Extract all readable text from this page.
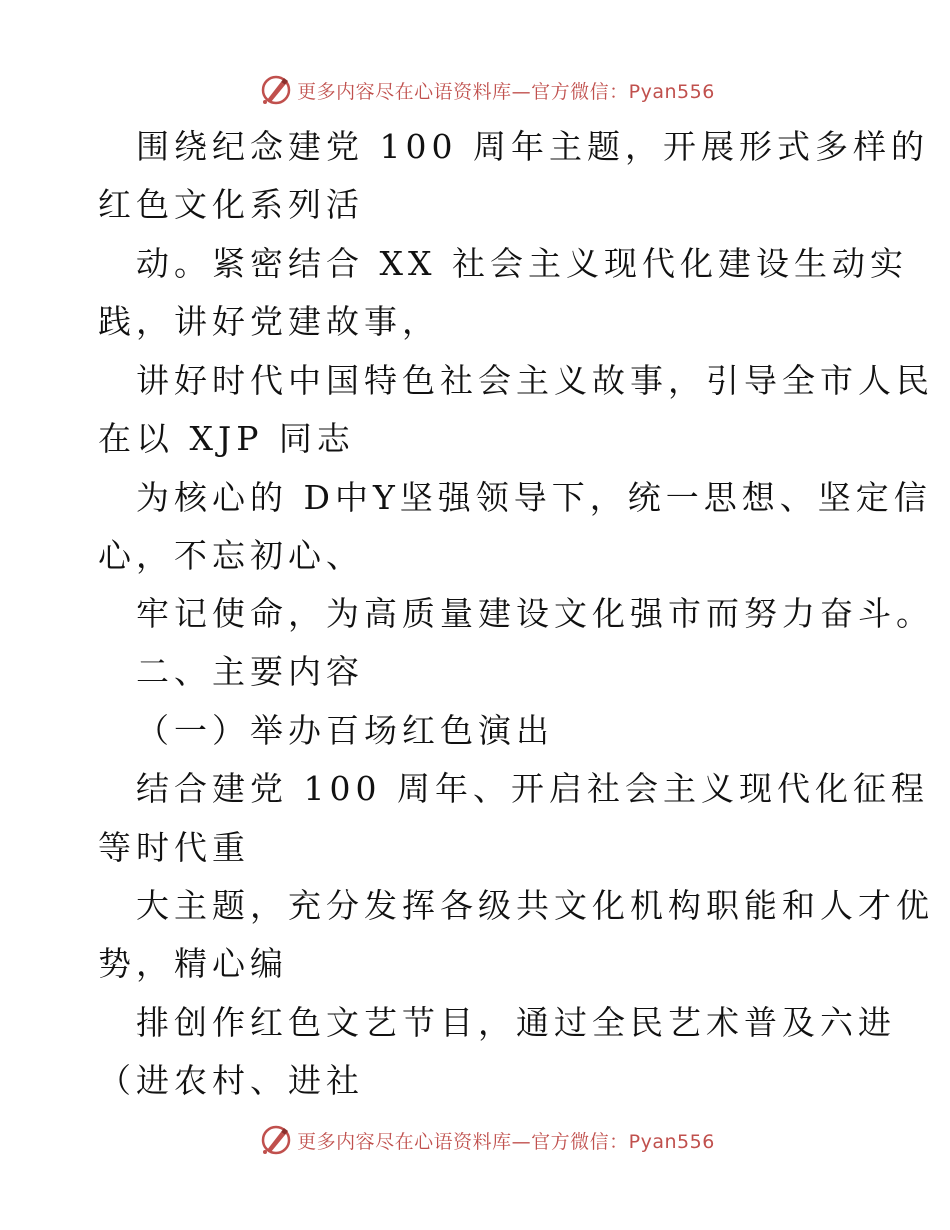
更多内容尽在心语资料库—官方微信：Pyan556
围绕纪念建党 100 周年主题，开展形式多样的
红色文化系列活
动。紧密结合 XX 社会主义现代化建设生动实
践，讲好党建故事，
讲好时代中国特色社会主义故事，引导全市人民
在以 XJP 同志
为核心的 D中Y坚强领导下，统一思想、坚定信
心，不忘初心、
牢记使命，为高质量建设文化强市而努力奋斗。
二、主要内容
（一）举办百场红色演出
结合建党 100 周年、开启社会主义现代化征程
等时代重
大主题，充分发挥各级共文化机构职能和人才优
势，精心编
排创作红色文艺节目，通过全民艺术普及六进
（进农村、进社
更多内容尽在心语资料库—官方微信：Pyan556
